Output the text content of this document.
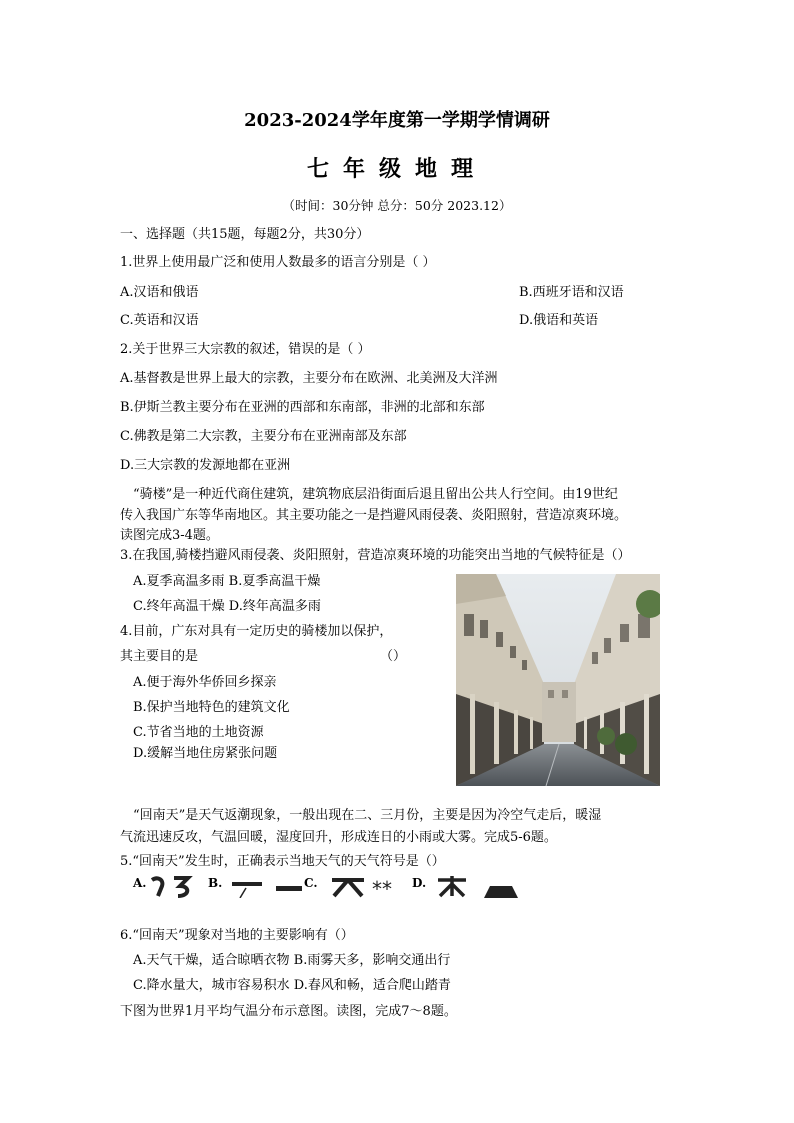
2023-2024学年度第一学期学情调研
七年级地理
（时间：30分钟 总分：50分 2023.12）
一、选择题（共15题，每题2分，共30分）
1.世界上使用最广泛和使用人数最多的语言分别是（ ）
A.汉语和俄语	B.西班牙语和汉语
C.英语和汉语	D.俄语和英语
2.关于世界三大宗教的叙述，错误的是（ ）
A.基督教是世界上最大的宗教，主要分布在欧洲、北美洲及大洋洲
B.伊斯兰教主要分布在亚洲的西部和东南部，非洲的北部和东部
C.佛教是第二大宗教，主要分布在亚洲南部及东部
D.三大宗教的发源地都在亚洲
“骑楼”是一种近代商住建筑，建筑物底层沿街面后退且留出公共人行空间。由19世纪
传入我国广东等华南地区。其主要功能之一是挡避风雨侵袭、炎阳照射，营造凉爽环境。
读图完成3-4题。
3.在我国,骑楼挡避风雨侵袭、炎阳照射，营造凉爽环境的功能突出当地的气候特征是（）
A.夏季高温多雨 B.夏季高温干燥
C.终年高温干燥 D.终年高温多雨
4.目前，广东对具有一定历史的骑楼加以保护，
其主要目的是	（）
A.便于海外华侨回乡探亲
B.保护当地特色的建筑文化
C.节省当地的土地资源
D.缓解当地住房紧张问题
“回南天”是天气返潮现象，一般出现在二、三月份，主要是因为冷空气走后，暖湿
气流迅速反攻，气温回暖，湿度回升，形成连日的小雨或大雾。完成5-6题。
5.“回南天”发生时，正确表示当地天气的天气符号是（）
A.	B.	C.	** D.
6.“回南天”现象对当地的主要影响有（）
A.天气干燥，适合晾晒衣物 B.雨雾天多，影响交通出行
C.降水量大，城市容易积水 D.春风和畅，适合爬山踏青
下图为世界1月平均气温分布示意图。读图，完成7～8题。
